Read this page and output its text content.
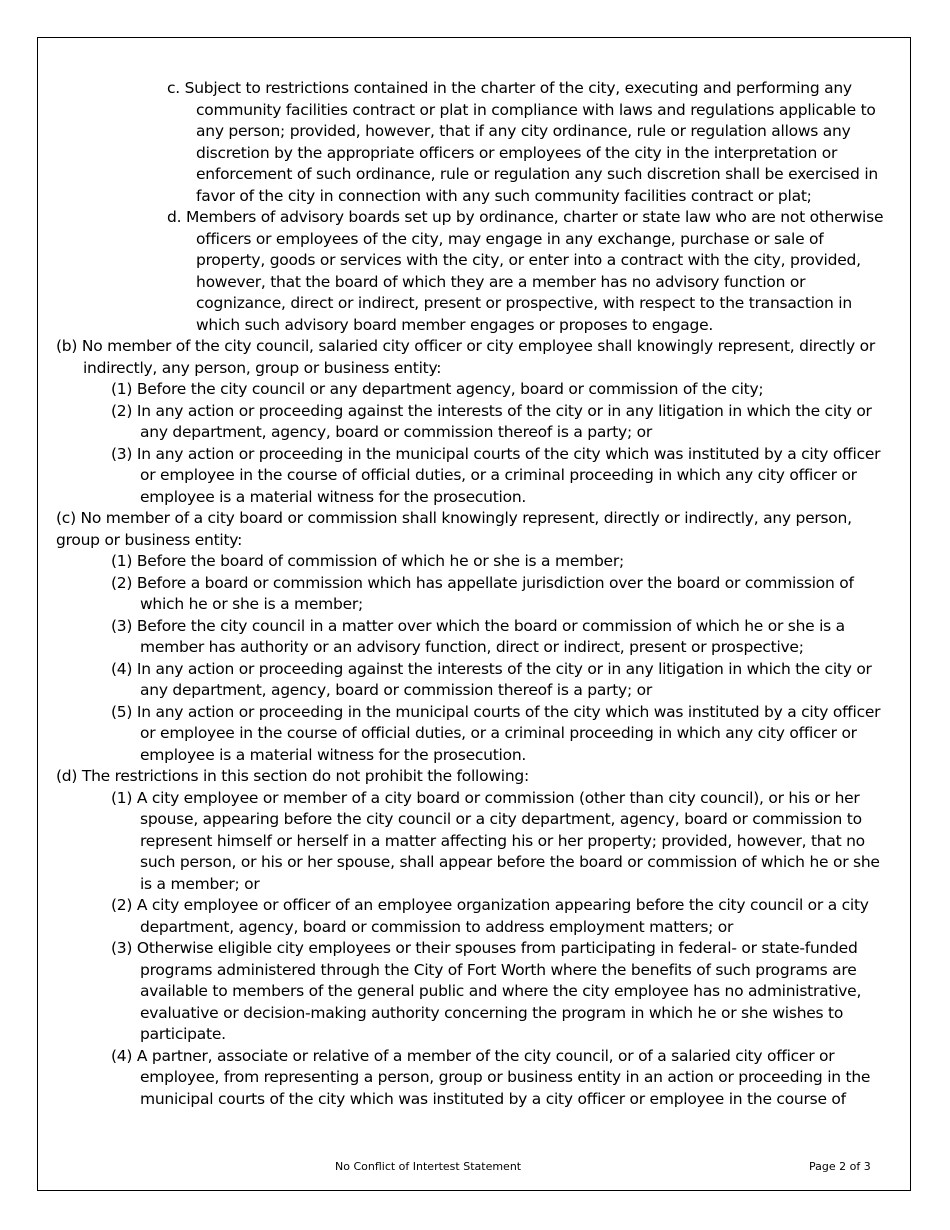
c. Subject to restrictions contained in the charter of the city, executing and performing any community facilities contract or plat in compliance with laws and regulations applicable to any person; provided, however, that if any city ordinance, rule or regulation allows any discretion by the appropriate officers or employees of the city in the interpretation or enforcement of such ordinance, rule or regulation any such discretion shall be exercised in favor of the city in connection with any such community facilities contract or plat;

d. Members of advisory boards set up by ordinance, charter or state law who are not otherwise officers or employees of the city, may engage in any exchange, purchase or sale of property, goods or services with the city, or enter into a contract with the city, provided, however, that the board of which they are a member has no advisory function or cognizance, direct or indirect, present or prospective, with respect to the transaction in which such advisory board member engages or proposes to engage.

(b) No member of the city council, salaried city officer or city employee shall knowingly represent, directly or indirectly, any person, group or business entity:

(1) Before the city council or any department agency, board or commission of the city;

(2) In any action or proceeding against the interests of the city or in any litigation in which the city or any department, agency, board or commission thereof is a party; or

(3) In any action or proceeding in the municipal courts of the city which was instituted by a city officer or employee in the course of official duties, or a criminal proceeding in which any city officer or employee is a material witness for the prosecution.

(c) No member of a city board or commission shall knowingly represent, directly or indirectly, any person, group or business entity:

(1) Before the board of commission of which he or she is a member;

(2) Before a board or commission which has appellate jurisdiction over the board or commission of which he or she is a member;

(3) Before the city council in a matter over which the board or commission of which he or she is a member has authority or an advisory function, direct or indirect, present or prospective;

(4) In any action or proceeding against the interests of the city or in any litigation in which the city or any department, agency, board or commission thereof is a party; or

(5) In any action or proceeding in the municipal courts of the city which was instituted by a city officer or employee in the course of official duties, or a criminal proceeding in which any city officer or employee is a material witness for the prosecution.

(d) The restrictions in this section do not prohibit the following:

(1) A city employee or member of a city board or commission (other than city council), or his or her spouse, appearing before the city council or a city department, agency, board or commission to represent himself or herself in a matter affecting his or her property; provided, however, that no such person, or his or her spouse, shall appear before the board or commission of which he or she is a member; or

(2) A city employee or officer of an employee organization appearing before the city council or a city department, agency, board or commission to address employment matters; or

(3) Otherwise eligible city employees or their spouses from participating in federal- or state-funded programs administered through the City of Fort Worth where the benefits of such programs are available to members of the general public and where the city employee has no administrative, evaluative or decision-making authority concerning the program in which he or she wishes to participate.

(4) A partner, associate or relative of a member of the city council, or of a salaried city officer or employee, from representing a person, group or business entity in an action or proceeding in the municipal courts of the city which was instituted by a city officer or employee in the course of

No Conflict of Intertest Statement	Page 2 of 3
